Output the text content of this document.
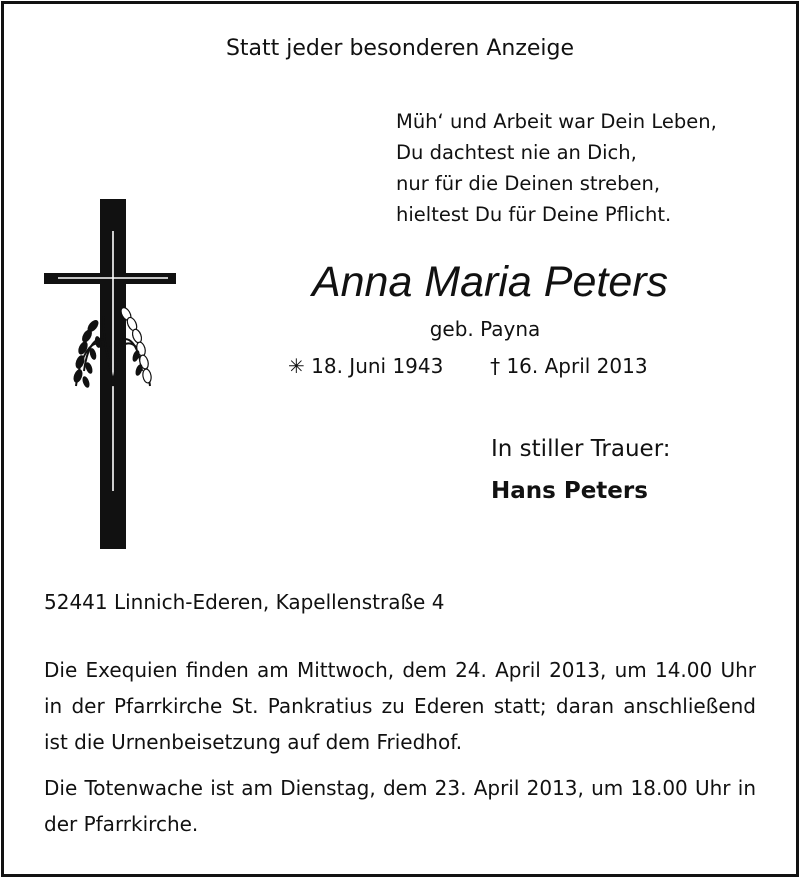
Statt jeder besonderen Anzeige
Müh‘ und Arbeit war Dein Leben,
Du dachtest nie an Dich,
nur für die Deinen streben,
hieltest Du für Deine Pflicht.
Anna Maria Peters
geb. Payna
✳ 18. Juni 1943 † 16. April 2013
In stiller Trauer:
Hans Peters
52441 Linnich-Ederen, Kapellenstraße 4
Die Exequien finden am Mittwoch, dem 24. April 2013, um 14.00 Uhr in der Pfarrkirche St. Pankratius zu Ederen statt; daran anschließend ist die Urnenbeisetzung auf dem Friedhof.
Die Totenwache ist am Dienstag, dem 23. April 2013, um 18.00 Uhr in der Pfarrkirche.
